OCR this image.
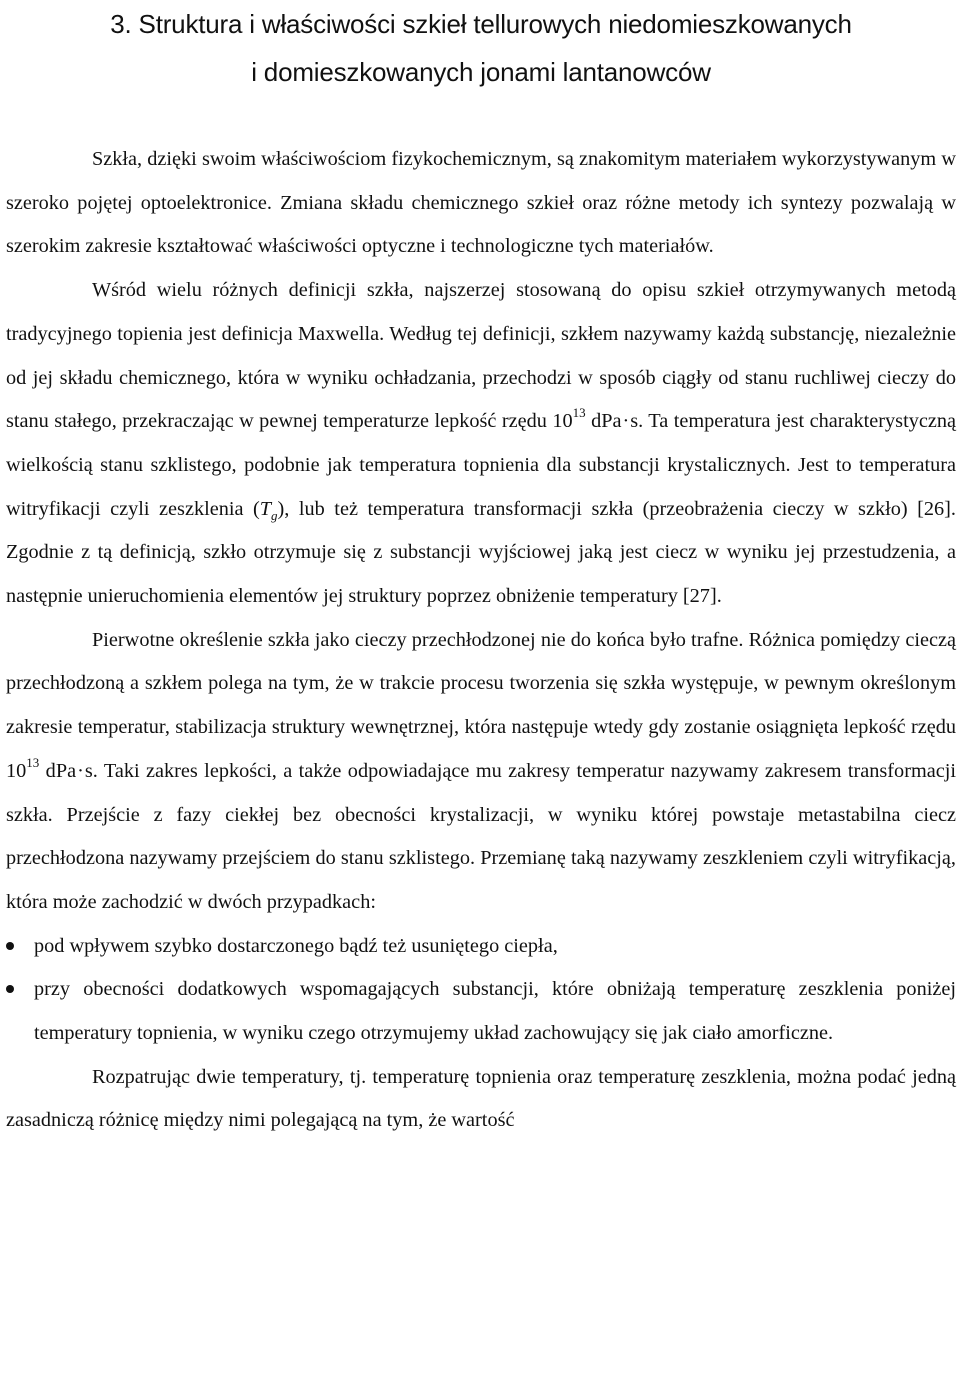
3. Struktura i właściwości szkieł tellurowych niedomieszkowanych
i domieszkowanych jonami lantanowców

Szkła, dzięki swoim właściwościom fizykochemicznym, są znakomitym materiałem wykorzystywanym w szeroko pojętej optoelektronice. Zmiana składu chemicznego szkieł oraz różne metody ich syntezy pozwalają w szerokim zakresie kształtować właściwości optyczne i technologiczne tych materiałów.

Wśród wielu różnych definicji szkła, najszerzej stosowaną do opisu szkieł otrzymywanych metodą tradycyjnego topienia jest definicja Maxwella. Według tej definicji, szkłem nazywamy każdą substancję, niezależnie od jej składu chemicznego, która w wyniku ochładzania, przechodzi w sposób ciągły od stanu ruchliwej cieczy do stanu stałego, przekraczając w pewnej temperaturze lepkość rzędu $10^{13}$ dPa·s. Ta temperatura jest charakterystyczną wielkością stanu szklistego, podobnie jak temperatura topnienia dla substancji krystalicznych. Jest to temperatura witryfikacji czyli zeszklenia $(T_g)$, lub też temperatura transformacji szkła (przeobrażenia cieczy w szkło) [26]. Zgodnie z tą definicją, szkło otrzymuje się z substancji wyjściowej jaką jest ciecz w wyniku jej przestudzenia, a następnie unieruchomienia elementów jej struktury poprzez obniżenie temperatury [27].

Pierwotne określenie szkła jako cieczy przechłodzonej nie do końca było trafne. Różnica pomiędzy cieczą przechłodzoną a szkłem polega na tym, że w trakcie procesu tworzenia się szkła występuje, w pewnym określonym zakresie temperatur, stabilizacja struktury wewnętrznej, która następuje wtedy gdy zostanie osiągnięta lepkość rzędu $10^{13}$ dPa·s. Taki zakres lepkości, a także odpowiadające mu zakresy temperatur nazywamy zakresem transformacji szkła. Przejście z fazy ciekłej bez obecności krystalizacji, w wyniku której powstaje metastabilna ciecz przechłodzona nazywamy przejściem do stanu szklistego. Przemianę taką nazywamy zeszkleniem czyli witryfikacją, która może zachodzić w dwóch przypadkach:

pod wpływem szybko dostarczonego bądź też usuniętego ciepła,
przy obecności dodatkowych wspomagających substancji, które obniżają temperaturę zeszklenia poniżej temperatury topnienia, w wyniku czego otrzymujemy układ zachowujący się jak ciało amorficzne.

Rozpatrując dwie temperatury, tj. temperaturę topnienia oraz temperaturę zeszklenia, można podać jedną zasadniczą różnicę między nimi polegającą na tym, że wartość
